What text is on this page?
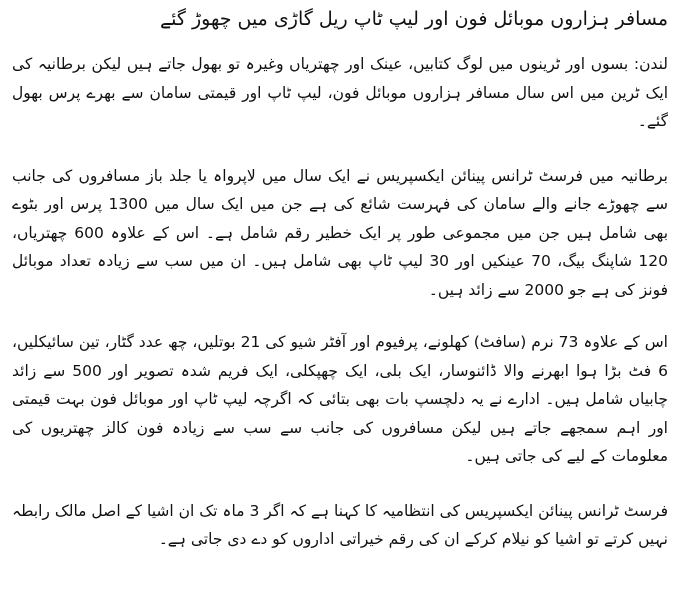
مسافر ہزاروں موبائل فون اور لیپ ٹاپ ریل گاڑی میں چھوڑ گئے

لندن: بسوں اور ٹرینوں میں لوگ کتابیں، عینک اور چھتریاں وغیرہ تو بھول جاتے ہیں لیکن برطانیہ کی ایک ٹرین میں اس سال مسافر ہزاروں موبائل فون، لیپ ٹاپ اور قیمتی سامان سے بھرے پرس بھول گئے۔

برطانیہ میں فرسٹ ٹرانس پینائن ایکسپریس نے ایک سال میں لاپرواہ یا جلد باز مسافروں کی جانب سے چھوڑے جانے والے سامان کی فہرست شائع کی ہے جن میں ایک سال میں 1300 پرس اور بٹوے بھی شامل ہیں جن میں مجموعی طور پر ایک خطیر رقم شامل ہے۔ اس کے علاوہ 600 چھتریاں، 120 شاپنگ بیگ، 70 عینکیں اور 30 لیپ ٹاپ بھی شامل ہیں۔ ان میں سب سے زیادہ تعداد موبائل فونز کی ہے جو 2000 سے زائد ہیں۔

اس کے علاوہ 73 نرم (سافٹ) کھلونے، پرفیوم اور آفٹر شیو کی 21 بوتلیں، چھ عدد گٹار، تین سائیکلیں، 6 فٹ بڑا ہوا ابھرنے والا ڈائنوسار، ایک بلی، ایک چھپکلی، ایک فریم شدہ تصویر اور 500 سے زائد چابیاں شامل ہیں۔ ادارے نے یہ دلچسپ بات بھی بتائی کہ اگرچہ لیپ ٹاپ اور موبائل فون بہت قیمتی اور اہم سمجھے جاتے ہیں لیکن مسافروں کی جانب سے سب سے زیادہ فون کالز چھتریوں کی معلومات کے لیے کی جاتی ہیں۔

فرسٹ ٹرانس پینائن ایکسپریس کی انتظامیہ کا کہنا ہے کہ اگر 3 ماہ تک ان اشیا کے اصل مالک رابطہ نہیں کرتے تو اشیا کو نیلام کرکے ان کی رقم خیراتی اداروں کو دے دی جاتی ہے۔
